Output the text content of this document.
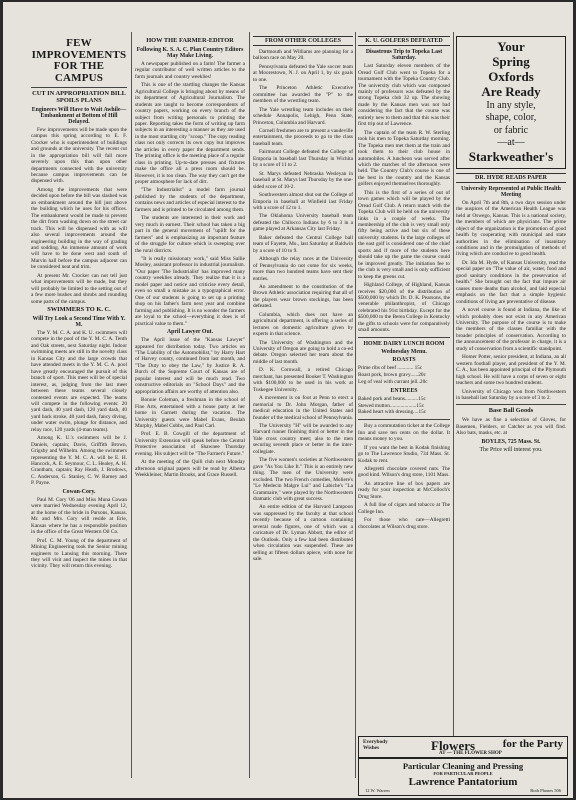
FEW IMPROVEMENTS FOR THE CAMPUS
CUT IN APPROPRIATION BILL SPOILS PLANS
Engineers Will Have to Wait Awhile—Embankment at Bottom of Hill Delayed.

Few improvements will be made upon the campus this spring according to E. F. Crocker who is superintendent of buildings and grounds at the university. The recent cut in the appropriation bill will fall more severely upon this than upon other departments connected with the university because campus improvements can be dispensed with.

Among the improvements that were decided upon before the bill was slashed was an embankment around the hill just above the building which he uses for his offices. The embankment would be made to prevent the dirt from washing down on the street car track. This will be dispensed with as will also several improvements around the engineering building in the way of grading and sodding. An immense amount of work will have to be done west and south of Marvin hall before the campus adjacent can be considered neat and trim.

At present Mr. Crocker can not tell just what improvements will be made, but they will probably be limited to the setting out of a few more bushes and shrubs and rounding some parts of the campus.

SWIMMERS TO K. C.
Will Try Look a Second Time With Y. M.

The Y. M. C. A. and K. U. swimmers will compete in the pool of the Y. M. C. A. Tenth and Oak streets, next Saturday night. Indoor swimming meets are still in the novelty class in Kansas City and the large crowds that have attended meets in the Y. M. C. A. pool have greatly encouraged the pursuit of this branch of sport. This meet will be of special interest, as, judging from the last meet between these teams several closely contested events are expected. The teams will compete in the following events: 20 yard dash, 40 yard dash, 120 yard dash, 40 yard back stroke, 40 yard dash, fancy diving, under water swim, plunge for distance, and relay race, 120 yards (4-man teams).

Among K. U.'s swimmers will be J. Daniels, captain; Davis, Griffith Brown, Grigsby and Wilhelm. Among the swimmers representing the Y. M. C. A. will be E. H. Hancock, A. E. Seymour, C. L. Healey, A. H. Grantham, captain; Ray Heath, J. Brodows, C. Anderson, G. Stanley, C. W. Barney and P. Payne.

Cowan-Cory.

Paul M. Cory '06 and Miss Muna Cowan were married Wednesday evening April 12, at the home of the bride in Parsons, Kansas. Mr. and Mrs. Cory will reside at Erie, Kansas where he has a responsible position in the office of the Great Western Oil Co.

Prof. C. M. Young of the department of Mining Engineering took the Senior mining engineers to Lansing this morning. There they will visit and inspect the mines in that vicinity. They will return this evening.

HOW THE FARMER-EDITOR
Following K. S. A. C. Plan Country Editors May Make Living.

A newspaper published on a farm! The farmer a regular contributor of well written articles to the farm journals and country weeklies!

This is one of the startling changes the Kansas Agricultural College is bringing about by means of its department of Agricultural Journalism. The students are taught to become correspondents of country papers, working on every branch of the subject from writing personals to printing the paper. Reporting takes the form of writing up farm subjects in an interesting a manner as they are used in the most startling city "scoop." The copy reading class not only corrects its own copy but improves the articles in every paper the department sends. The printing office is the meeting place of a regular class in printing. Up-to-date presses and fixtures make the office all a press room should be. However, it is too clean. The way they can't get the proper atmosphere for lack of dirt.

"The Industrialist" a model farm journal published by the students of the department, contains news and articles of especial interest to the farmers and is printed to be circulated among them.

The students are interested in their work and very much in earnest. Their school has taken a big part in the general movement of "uplift for the farmers" and is emphasizing an important feature of the struggle for culture which is sweeping over the rural districts.

"It is really missionary work," said Miss Sallie Mosley, assistant professor in industrial journalism. "Our paper 'The Industrialist' has improved many country weeklies already. They realize that it is a model paper and notice and criticise every detail, even so small a mistake as a typographical error. One of our students is going to set up a printing shop on his father's farm next year and combine farming and publishing. It is no wonder the farmers are loyal to the school—everything it does is of practical value to them."

April Lawyer Out.

The April issue of the "Kansas Lawyer" appeared for distribution today. Two articles on "The Liability of the Automobilist," by Harry Hart of Harvey county, continued from last month, and "The Duty to obey the Law," by Justice R. A. Burch of the Supreme Court of Kansas are of popular interest and will be much read. Two constructive editorials on "School Days" and the appropriation affairs are worthy of attention also.

Bonnie Coleman, a freshman in the school of Fine Arts, entertained with a house party at her home in Garnett during the vacation. The University guests were Mabel Evans, Beulah Murphy, Mabel Cobbs, and Paul Carl.

Prof. E. B. Cowgill of the department of University Extension will speak before the Central Protective association of Shawnee Thursday evening. His subject will be "The Farmer's Future."

At the meeting of the Quill club next Monday afternoon original papers will be read by Alberta Weekkleiner, Martin Brooks, and Grace Russell.

FROM OTHER COLLEGES

Dartmouth and Williams are planning for a balloon race on May 20.

Pennsylvania defeated the Yale soccer team at Moorestown, N. J. on April 1, by six goals to one.

The Princeton Athletic Executive committee has awarded the "P" to the members of the wrestling team.

The Yale wrestling team includes on their schedule Annapolis, Lehigh, Penn State, Princeton, Columbia and Harvard.

Cornell freshmen are to present a vaudeville entertainment, the proceeds to go to the class baseball team.

Fairmount College defeated the College of Emporia in baseball last Thursday in Wichita by a score of 11 to 2.

St. Marys defeated Nebraska Wesleyan in baseball at St. Marys last Thursday by the one-sided score of 10-2.

Southwestern almost shut out the College of Emporia in baseball at Winfield last Friday with a score of 12 to 1.

The Oklahoma University baseball team defeated the Chilocco Indians by 6 to 3 in a game played at Arkansas City last Friday.

Baker defeated the Central College ball team of Fayette, Mo., last Saturday at Baldwin by a score of 10 to 9.

Although the relay races at the University of Pennsylvania do not come for six weeks, more than two hundred teams have sent their entries.

An amendment to the constitution of the Brown Athletic association requiring that all of the players wear brown stockings, has been defeated.

Columbia, which does not have an agricultural department, is offering a series of lectures on domestic agriculture given by experts in that science.

The University of Washington and the University of Oregon are going to hold a co-ed debate. Oregon selected her team about the middle of last month.

D. K. Cornwall, a retired Chicago merchant, has presented Booker T. Washington with $100,000 to be used in his work at Tuskegee University.

A movement is on foot at Penn to erect a memorial to Dr. John Morgan, father of medical education in the United States and founder of the medical school of Pennsylvania.

The University "H" will be awarded to any Harvard runner finishing third or better in the Yale cross country meet; also to the men securing seventh place or better in the inter-collegiate.

The five women's societies at Northwestern gave "As You Like It." This is an entirely new thing. The men of the University were excluded. The two French comedies, Moliere's "Le Medecin Malgre Lui" and Labiche's "La Grammaire," were played by the Northwestern dramatic club with great success.

An entire edition of the Harvard Lampoon was suppressed by the faculty at that school recently because of a cartoon containing several nude figures, one of which was a caricature of Dr. Lyman Abbott, the editor of the Outlook. Only a few had been distributed when circulation was suspended. These are selling at fifteen dollars apiece, with none for sale.

K. U. GOLFERS DEFEATED
Disastrous Trip to Topeka Last Saturday.

Last Saturday eleven members of the Oread Golf Club went to Topeka for a tournament with the Topeka Country Club. The university club which was composed mainly of professors was defeated by the strong Topeka club 32 up. The showing made by the Kansas men was not bad considering the fact that the course was entirely new to them and that this was their first trip out of Lawrence.

The captain of the team R. W. Sterling took his men to Topeka Saturday morning. The Topeka men met them at the train and took them to their club house in automobiles. A luncheon was served after which the matches of the afternoon were held. The Country Club's course is one of the best in the country and the Kansas golfers enjoyed themselves thoroughly.

This is the first of a series of out of town games which will be played by the Oread Golf Club. A return match with the Topeka Club will be held on the university links in a couple of weeks. The membership of the club is very small only fifty being active and but six of these university students. In the large colleges of the east golf is considered one of the chief sports and if more of the students here should take up the game the course could be improved greatly. The initiation fee to the club is very small and is only sufficient to keep the greens cut.

Highland College, of Highland, Kansas receives $20,000 of the distribution of $500,000 by which Dr. D. K. Pearsons, the venerable philanthropist, of Chicago celebrated his 91st birthday. Except for the $500,000 to the Berea College in Kentucky the gifts to schools were for comparatively small amounts.

HOME DAIRY LUNCH ROOM
Wednesday Menu.
ROASTS
Prime ribs of beef ............ 15c
Roast pork, brown gravy......20c
Leg of veal with currant jell..20c
ENTREES
Baked pork and beans..........15c
Stewed mutton....................15c
Baked heart with dressing....15c

Buy a commutation ticket at the College Inn and save ten cents on the dollar. It means money to you.

If you want the best in Kodak finishing go to The Lawrence Studio, 734 Mass. St. Kodak to rent.

Allegretti chocolate covered nuts. The good kind. Wilson's drug store, 1101 Mass.

An attractive line of box papers are ready for your inspection at McColloch's Drug Store.

A full line of cigars and tobacco at The College Inn.

For those who care—Allegretti chocolates at Wilson's drug store.

Your
Spring
Oxfords
Are Ready
In any style,
shape, color,
or fabric
—at—
Starkweather's
DR. HYDE READS PAPER
University Represented at Public Health Meeting

On April 7th and 8th, a two days session under the auspices of the American Health League was held at Oswego, Kansas. This is a national society, the members of which are physicians. The prime object of the organization is the promotion of good health by cooperating with municipal and state authorities in the elimination of insanitary conditions and in the promulgation of methods of living which are conducive to good health.

Dr. Ida M. Hyde, of Kansas University, read the special paper on "The value of air, water, food and good sanitary conditions in the preservation of health." She brought out the fact that impure air causes more deaths than alcohol, and laid especial emphasis on the fact that a simple hygienic conditions of living are preventative of disease.

A novel course is found at Indiana, the like of which probably does not exist in any American University. The purpose of the course is to make the members of the classes familiar with the broader principles of conservation. According to the announcement of the professor in charge, it is a study of conservation from a scientific standpoint.

Homer Potter, senior president, at Indiana, an all western football player, and president of the Y. M. C. A., has been appointed principal of the Plymouth high school. He will have a corps of seven or eight teachers and some two hundred students.

University of Chicago won from Northwestern in baseball last Saturday by a score of 3 to 2.

Base Ball Goods

We have as fine a selection of Gloves, for Basemen, Fielders, or Catcher as you will find. Also bats, masks, etc. at

BOYLES, 725 Mass. St.
The Price will interest you.
Everybody
Wishes	Flowers	for the Party
AT — THE FLOWER SHOP
Particular Cleaning and Pressing
FOR PARTICULAR PEOPLE
Lawrence Pantatorium
12 W. Warren	Both Phones 506
